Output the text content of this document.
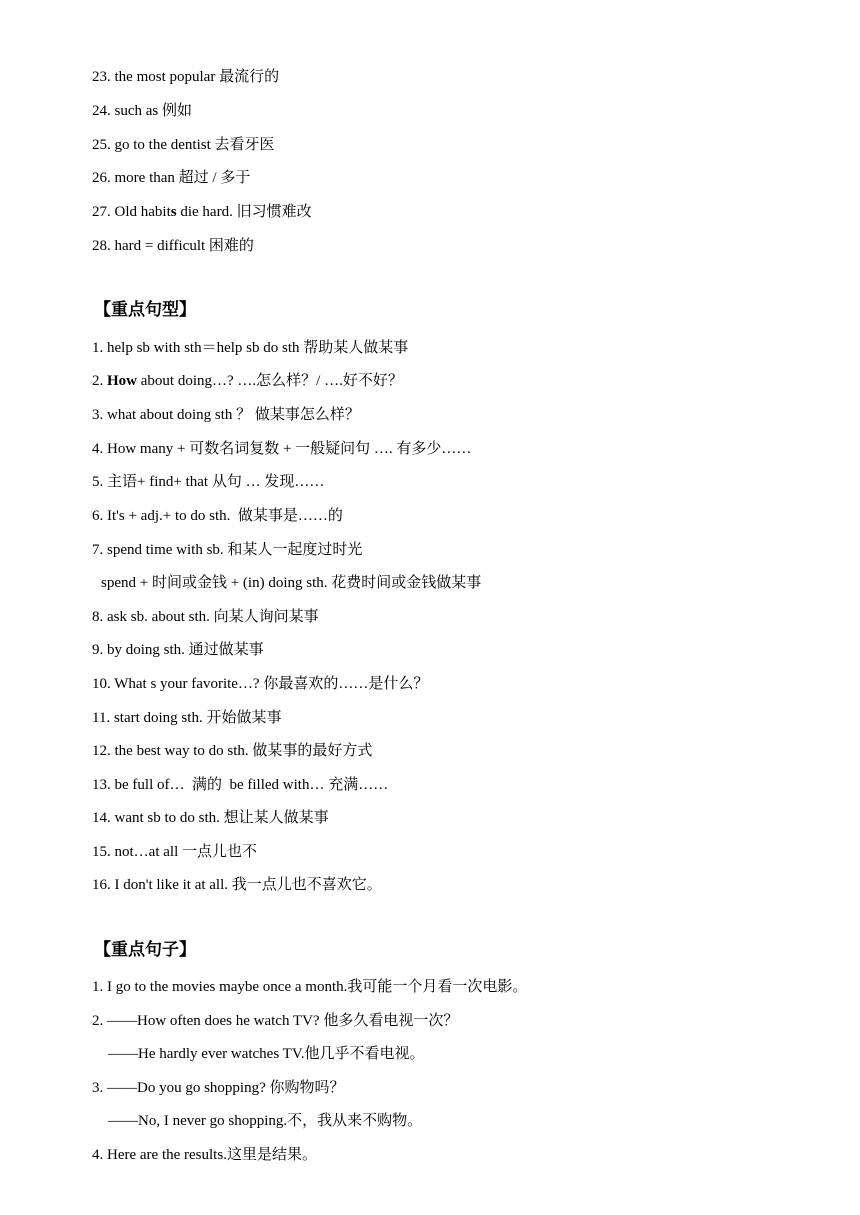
23. the most popular 最流行的
24. such as 例如
25. go to the dentist 去看牙医
26. more than 超过 / 多于
27. Old habits die hard. 旧习惯难改
28. hard = difficult 困难的
【重点句型】
1. help sb with sth＝help sb do sth 帮助某人做某事
2. How about doing…? ….怎么样？/ ….好不好？
3. what about doing sth ？ 做某事怎么样？
4. How many + 可数名词复数 + 一般疑问句 …. 有多少……
5. 主语+ find+ that 从句 … 发现……
6. It's + adj.+ to do sth.  做某事是……的
7. spend time with sb. 和某人一起度过时光
spend + 时间或金钱 + (in) doing sth. 花费时间或金钱做某事
8. ask sb. about sth. 向某人询问某事
9. by doing sth. 通过做某事
10. What s your favorite…? 你最喜欢的……是什么？
11. start doing sth. 开始做某事
12. the best way to do sth. 做某事的最好方式
13. be full of…  满的  be filled with… 充满……
14. want sb to do sth. 想让某人做某事
15. not…at all 一点儿也不
16. I don't like it at all. 我一点儿也不喜欢它。
【重点句子】
1. I go to the movies maybe once a month.我可能一个月看一次电影。
2. ——How often does he watch TV? 他多久看电视一次？
——He hardly ever watches TV.他几乎不看电视。
3. ——Do you go shopping? 你购物吗？
——No, I never go shopping.不，我从来不购物。
4. Here are the results.这里是结果。
